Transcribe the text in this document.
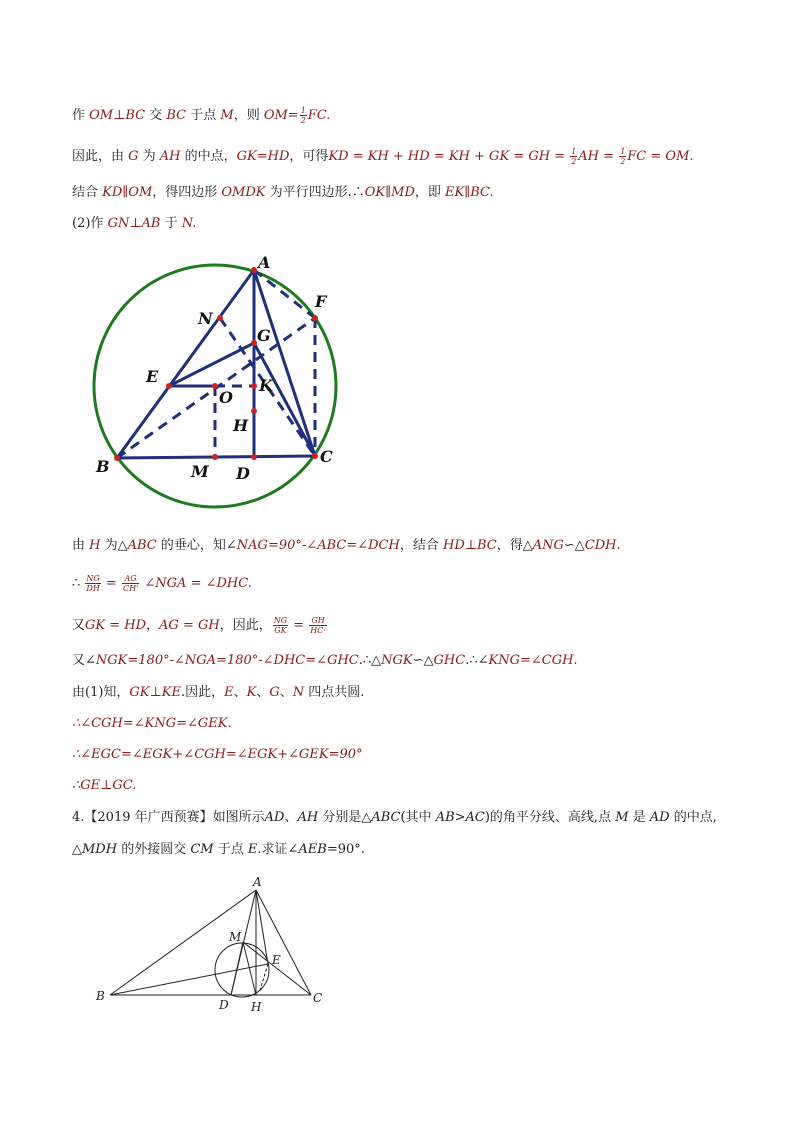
作 OM⊥BC 交 BC 于点 M，则 $OM= \frac{1}{2}$ FC.
因此，由 G 为 AH 的中点，GK=HD，可得KD = KH + HD = KH + GK = GH = $\frac{1}{2}$ AH = $\frac{1}{2}$ FC = OM.
结合 KD∥OM，得四边形 OMDK 为平行四边形.∴OK∥MD，即 EK∥BC.
(2)作 GN⊥AB 于 N.
A
F
N
G
E
O
K
H
B	M D
C
由 H 为△ABC 的垂心，知∠NAG=90°-∠ABC=∠DCH，结合 HD⊥BC，得△ANG∽△CDH.
∴ $\frac{NG}{DH} = \frac{AG}{CH'}$ ∠NGA = ∠DHC.
又GK = HD，AG = GH，因此， $\frac{NG}{GK} = \frac{GH}{HC\cdot}$
又∠NGK=180°-∠NGA=180°-∠DHC=∠GHC.∴△NGK∽△GHC.∴∠KNG=∠CGH.
由(1)知，GK⊥KE.因此，E、K、G、N 四点共圆.
∴∠CGH=∠KNG=∠GEK.
∴∠EGC=∠EGK+∠CGH=∠EGK+∠GEK=90°
∴GE⊥GC.
4.【2019 年广西预赛】如图所示AD、AH 分别是△ABC(其中 AB>AC)的角平分线、高线,点 M 是 AD 的中点,
△MDH 的外接圆交 CM 于点 E.求证∠AEB=90°.
A
M
E
B
D H
C
